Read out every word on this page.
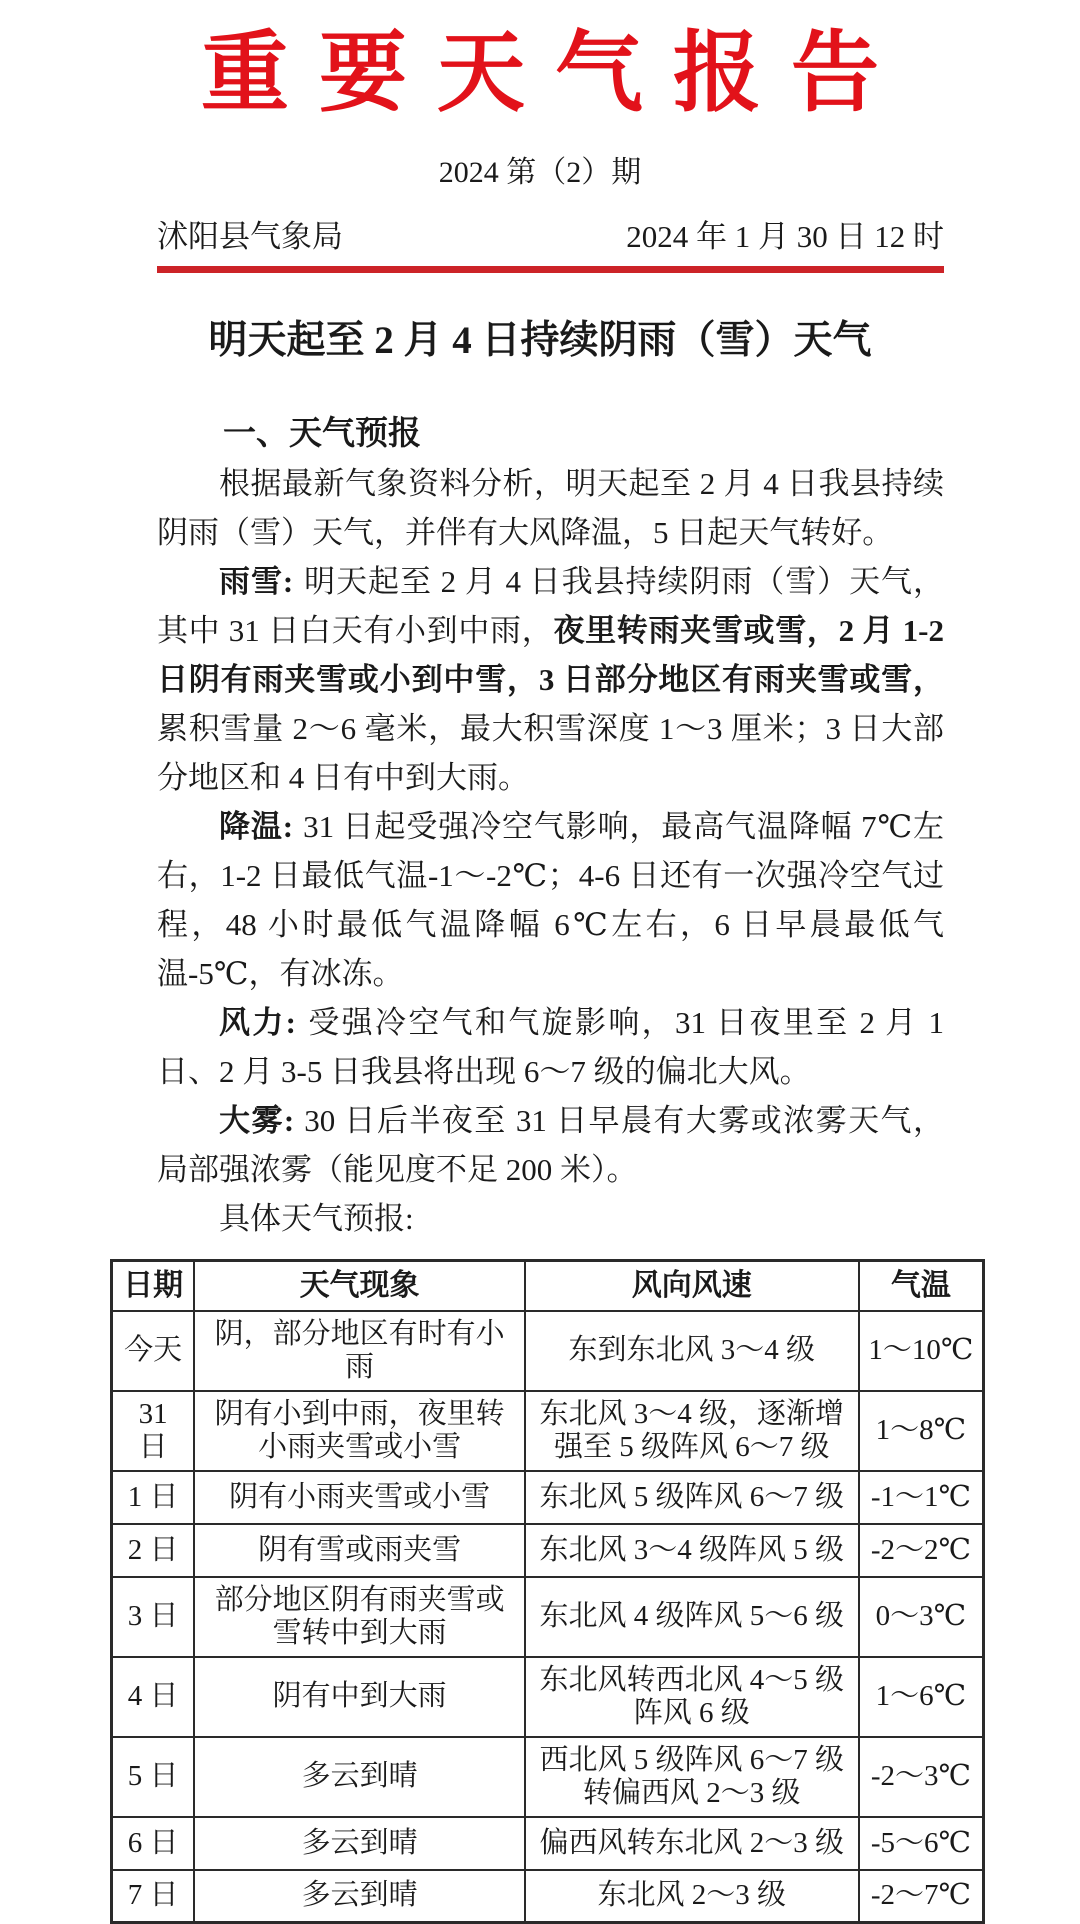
重要天气报告
2024 第（2）期
沭阳县气象局	2024 年 1 月 30 日 12 时
明天起至 2 月 4 日持续阴雨（雪）天气
一、天气预报

根据最新气象资料分析，明天起至 2 月 4 日我县持续阴雨（雪）天气，并伴有大风降温，5 日起天气转好。

雨雪: 明天起至 2 月 4 日我县持续阴雨（雪）天气，其中 31 日白天有小到中雨，夜里转雨夹雪或雪，2 月 1-2 日阴有雨夹雪或小到中雪，3 日部分地区有雨夹雪或雪，累积雪量 2～6 毫米，最大积雪深度 1～3 厘米；3 日大部分地区和 4 日有中到大雨。

降温: 31 日起受强冷空气影响，最高气温降幅 7℃左右，1-2 日最低气温-1～-2℃；4-6 日还有一次强冷空气过程，48 小时最低气温降幅 6℃左右，6 日早晨最低气温-5℃，有冰冻。

风力: 受强冷空气和气旋影响，31 日夜里至 2 月 1 日、2 月 3-5 日我县将出现 6～7 级的偏北大风。

大雾: 30 日后半夜至 31 日早晨有大雾或浓雾天气，局部强浓雾（能见度不足 200 米）。

具体天气预报:

日期	天气现象	风向风速	气温
今天	阴，部分地区有时有小雨	东到东北风 3～4 级	1～10℃
31 日	阴有小到中雨，夜里转小雨夹雪或小雪	东北风 3～4 级，逐渐增强至 5 级阵风 6～7 级	1～8℃
1 日	阴有小雨夹雪或小雪	东北风 5 级阵风 6～7 级	-1～1℃
2 日	阴有雪或雨夹雪	东北风 3～4 级阵风 5 级	-2～2℃
3 日	部分地区阴有雨夹雪或雪转中到大雨	东北风 4 级阵风 5～6 级	0～3℃
4 日	阴有中到大雨	东北风转西北风 4～5 级阵风 6 级	1～6℃
5 日	多云到晴	西北风 5 级阵风 6～7 级转偏西风 2～3 级	-2～3℃
6 日	多云到晴	偏西风转东北风 2～3 级	-5～6℃
7 日	多云到晴	东北风 2～3 级	-2～7℃
